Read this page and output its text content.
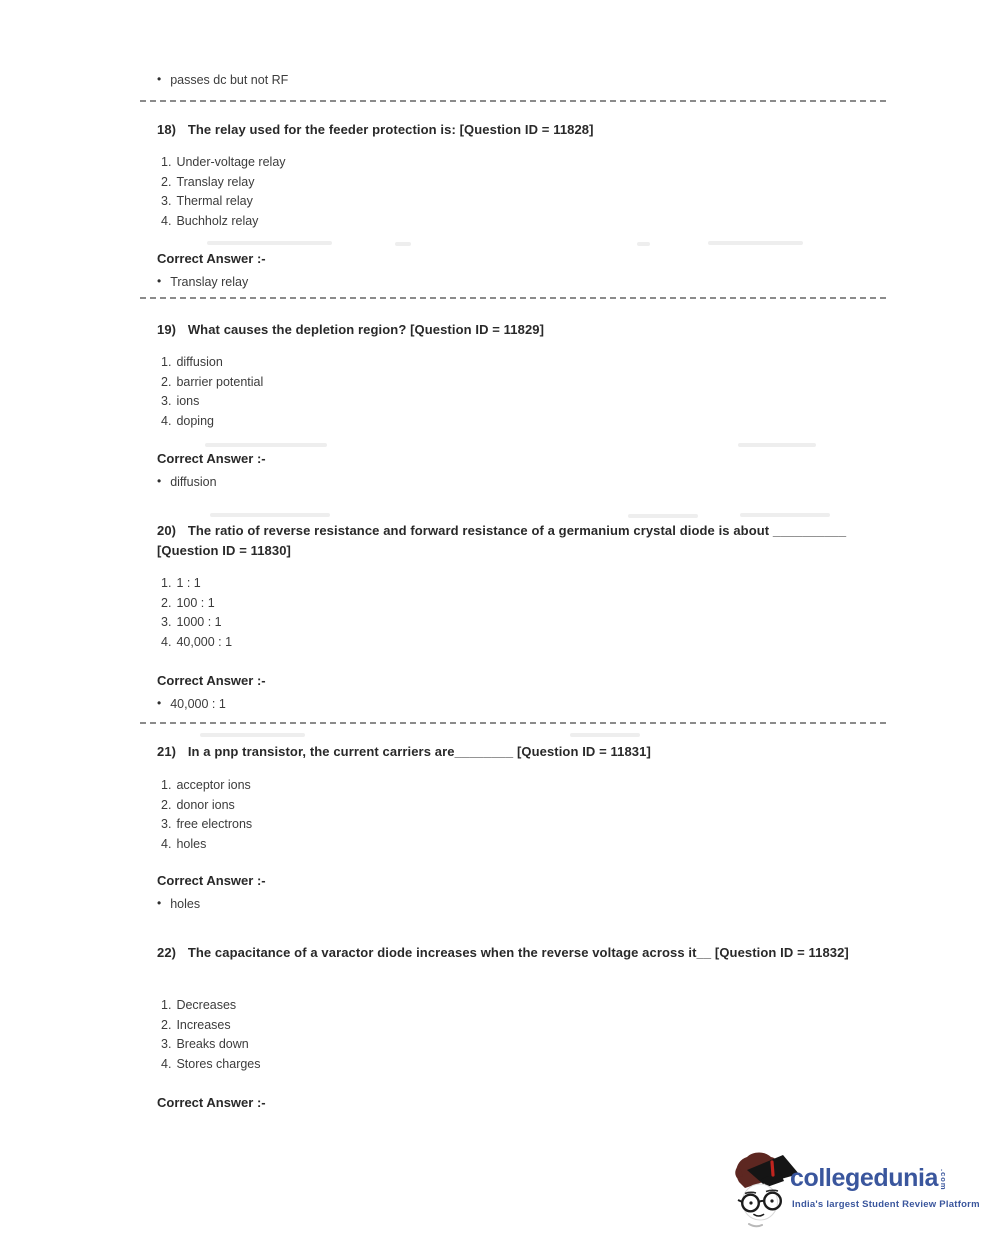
• passes dc but not RF
18) The relay used for the feeder protection is: [Question ID = 11828]
1. Under-voltage relay
2. Translay relay
3. Thermal relay
4. Buchholz relay
Correct Answer :-
• Translay relay
19) What causes the depletion region? [Question ID = 11829]
1. diffusion
2. barrier potential
3. ions
4. doping
Correct Answer :-
• diffusion
20) The ratio of reverse resistance and forward resistance of a germanium crystal diode is about __________ [Question ID = 11830]
1. 1 : 1
2. 100 : 1
3. 1000 : 1
4. 40,000 : 1
Correct Answer :-
• 40,000 : 1
21) In a pnp transistor, the current carriers are________ [Question ID = 11831]
1. acceptor ions
2. donor ions
3. free electrons
4. holes
Correct Answer :-
• holes
22) The capacitance of a varactor diode increases when the reverse voltage across it__ [Question ID = 11832]
1. Decreases
2. Increases
3. Breaks down
4. Stores charges
Correct Answer :-
collegedunia .com
India's largest Student Review Platform
